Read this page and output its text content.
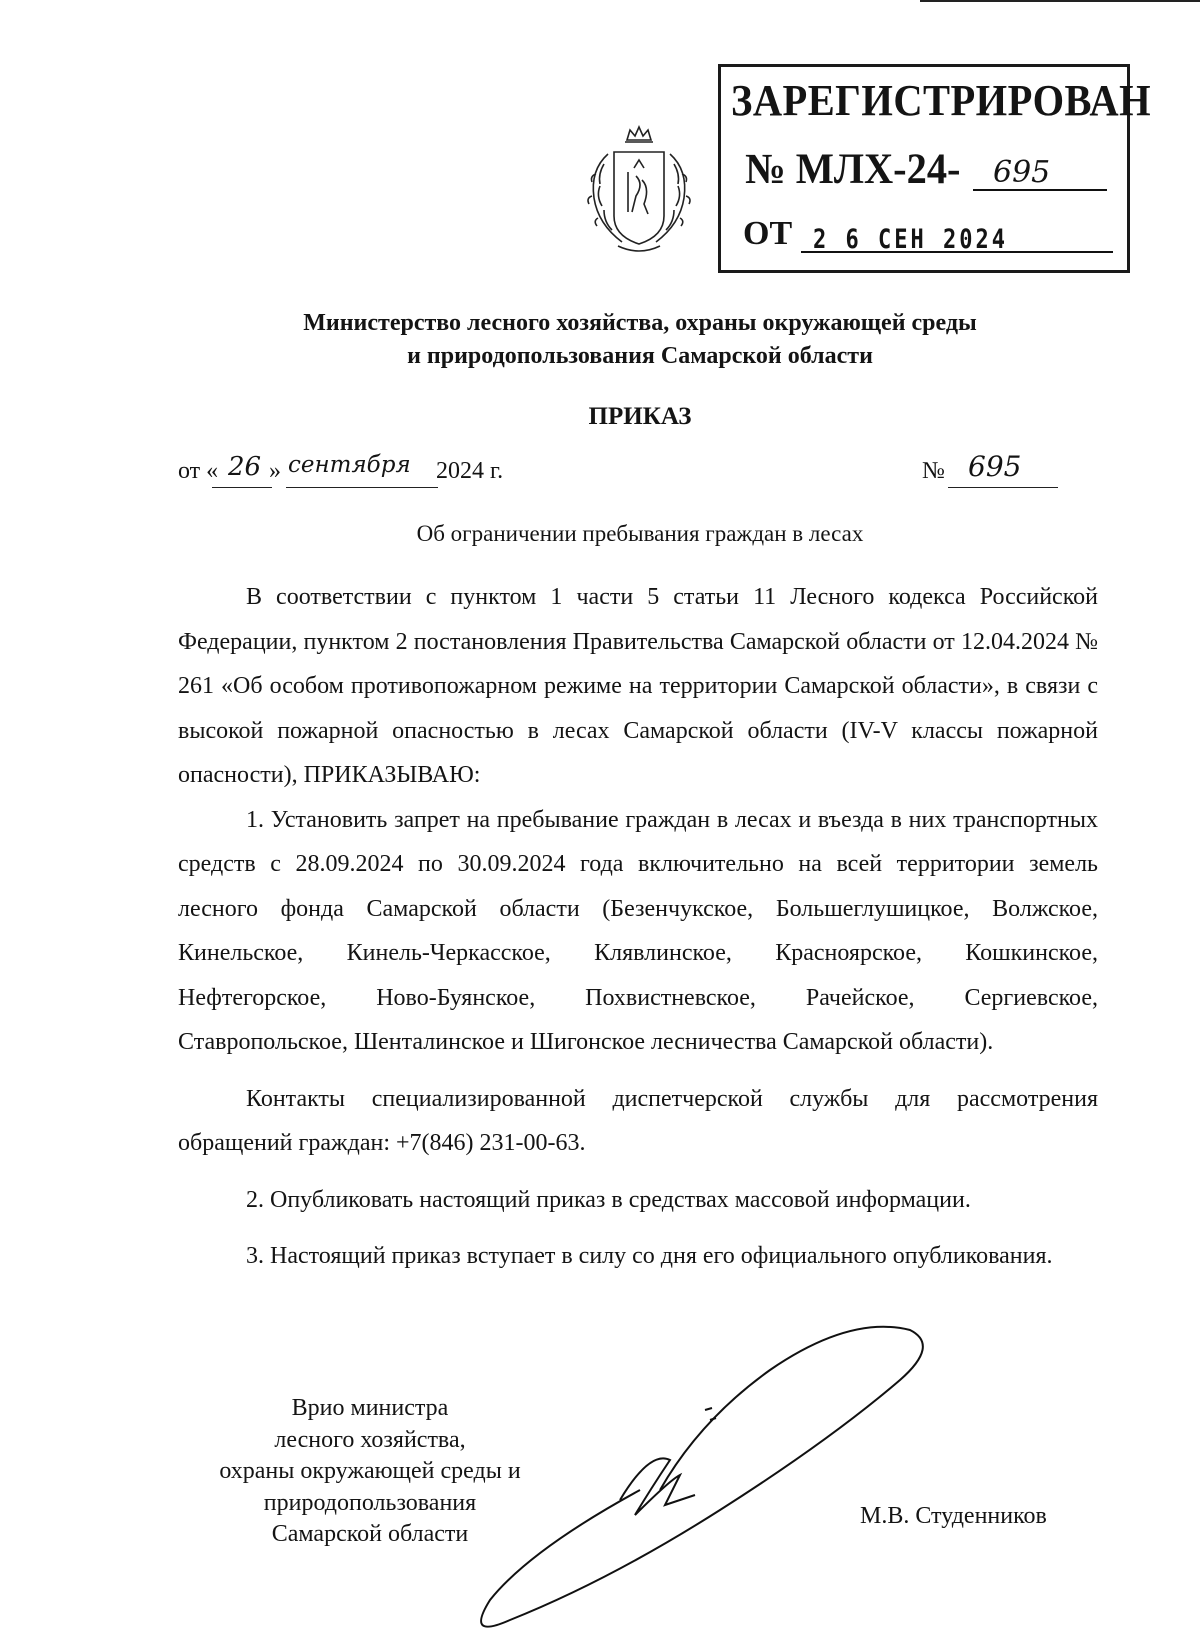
ЗАРЕГИСТРИРОВАН
№ МЛХ-24- 695
ОТ 2 6 СЕН 2024
Министерство лесного хозяйства, охраны окружающей среды
и природопользования Самарской области
ПРИКАЗ
от « 26 » сентября 2024 г.	№ 695
Об ограничении пребывания граждан в лесах

В соответствии с пунктом 1 части 5 статьи 11 Лесного кодекса Российской Федерации, пунктом 2 постановления Правительства Самарской области от 12.04.2024 № 261 «Об особом противопожарном режиме на территории Самарской области», в связи с высокой пожарной опасностью в лесах Самарской области (IV-V классы пожарной опасности), ПРИКАЗЫВАЮ:

1. Установить запрет на пребывание граждан в лесах и въезда в них транспортных средств с 28.09.2024 по 30.09.2024 года включительно на всей территории земель лесного фонда Самарской области (Безенчукское, Большеглушицкое, Волжское, Кинельское, Кинель-Черкасское, Клявлинское, Красноярское, Кошкинское, Нефтегорское, Ново-Буянское, Похвистневское, Рачейское, Сергиевское, Ставропольское, Шенталинское и Шигонское лесничества Самарской области).

Контакты специализированной диспетчерской службы для рассмотрения обращений граждан: +7(846) 231-00-63.

2. Опубликовать настоящий приказ в средствах массовой информации.

3. Настоящий приказ вступает в силу со дня его официального опубликования.

Врио министра
лесного хозяйства,
охраны окружающей среды и
природопользования
Самарской области
М.В. Студенников
